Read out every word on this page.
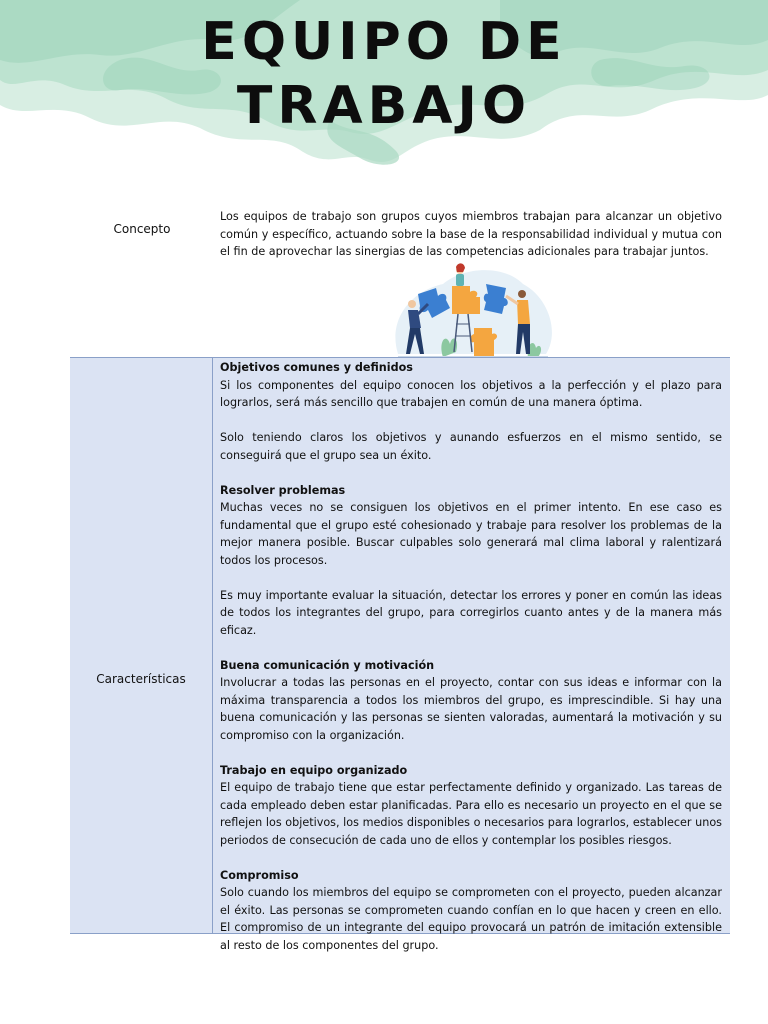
EQUIPO DE
TRABAJO
Concepto
Los equipos de trabajo son grupos cuyos miembros trabajan para alcanzar un objetivo común y específico, actuando sobre la base de la responsabilidad individual y mutua con el fin de aprovechar las sinergias de las competencias adicionales para trabajar juntos.
Características
Objetivos comunes y definidos

Si los componentes del equipo conocen los objetivos a la perfección y el plazo para lograrlos, será más sencillo que trabajen en común de una manera óptima.

Solo teniendo claros los objetivos y aunando esfuerzos en el mismo sentido, se conseguirá que el grupo sea un éxito.

Resolver problemas

Muchas veces no se consiguen los objetivos en el primer intento. En ese caso es fundamental que el grupo esté cohesionado y trabaje para resolver los problemas de la mejor manera posible. Buscar culpables solo generará mal clima laboral y ralentizará todos los procesos.

Es muy importante evaluar la situación, detectar los errores y poner en común las ideas de todos los integrantes del grupo, para corregirlos cuanto antes y de la manera más eficaz.

Buena comunicación y motivación

Involucrar a todas las personas en el proyecto, contar con sus ideas e informar con la máxima transparencia a todos los miembros del grupo, es imprescindible. Si hay una buena comunicación y las personas se sienten valoradas, aumentará la motivación y su compromiso con la organización.

Trabajo en equipo organizado

El equipo de trabajo tiene que estar perfectamente definido y organizado. Las tareas de cada empleado deben estar planificadas. Para ello es necesario un proyecto en el que se reflejen los objetivos, los medios disponibles o necesarios para lograrlos, establecer unos periodos de consecución de cada uno de ellos y contemplar los posibles riesgos.

Compromiso

Solo cuando los miembros del equipo se comprometen con el proyecto, pueden alcanzar el éxito. Las personas se comprometen cuando confían en lo que hacen y creen en ello. El compromiso de un integrante del equipo provocará un patrón de imitación extensible al resto de los componentes del grupo.
